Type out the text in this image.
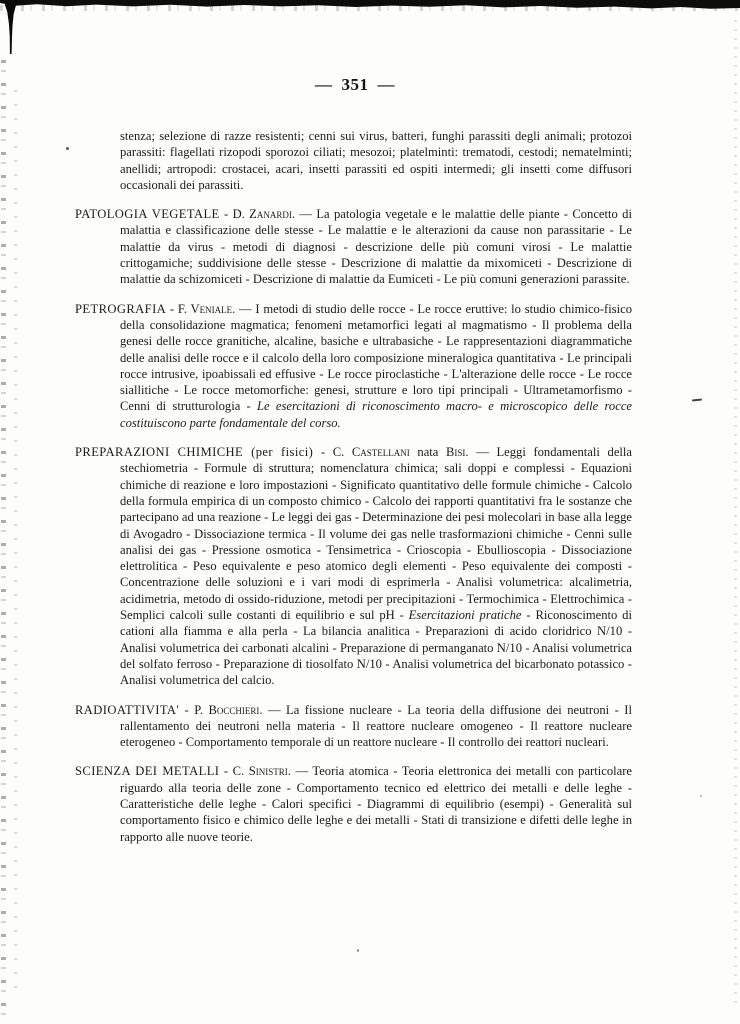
— 351 —

stenza; selezione di razze resistenti; cenni sui virus, batteri, funghi parassiti degli animali; protozoi parassiti: flagellati rizopodi sporozoi ciliati; mesozoi; platelminti: trematodi, cestodi; nematelminti; anellidi; artropodi: crostacei, acari, insetti parassiti ed ospiti intermedi; gli insetti come diffusori occasionali dei parassiti.

PATOLOGIA VEGETALE - D. Zanardi. — La patologia vegetale e le malattie delle piante - Concetto di malattia e classificazione delle stesse - Le malattie e le alterazioni da cause non parassitarie - Le malattie da virus - metodi di diagnosi - descrizione delle più comuni virosi - Le malattie crittogamiche; suddivisione delle stesse - Descrizione di malattie da mixomiceti - Descrizione di malattie da schizomiceti - Descrizione di malattie da Eumiceti - Le più comuni generazioni parassite.

PETROGRAFIA - F. Veniale. — I metodi di studio delle rocce - Le rocce eruttive: lo studio chimico-fisico della consolidazione magmatica; fenomeni metamorfici legati al magmatismo - Il problema della genesi delle rocce granitiche, alcaline, basiche e ultrabasiche - Le rappresentazioni diagrammatiche delle analisi delle rocce e il calcolo della loro composizione mineralogica quantitativa - Le principali rocce intrusive, ipoabissali ed effusive - Le rocce piroclastiche - L'alterazione delle rocce - Le rocce siallitiche - Le rocce metomorfiche: genesi, strutture e loro tipi principali - Ultrametamorfismo - Cenni di strutturologia - Le esercitazioni di riconoscimento macro- e microscopico delle rocce costituiscono parte fondamentale del corso.

PREPARAZIONI CHIMICHE (per fisici) - C. Castellani nata Bisi. — Leggi fondamentali della stechiometria - Formule di struttura; nomenclatura chimica; sali doppi e complessi - Equazioni chimiche di reazione e loro impostazioni - Significato quantitativo delle formule chimiche - Calcolo della formula empirica di un composto chimico - Calcolo dei rapporti quantitativi fra le sostanze che partecipano ad una reazione - Le leggi dei gas - Determinazione dei pesi molecolari in base alla legge di Avogadro - Dissociazione termica - Il volume dei gas nelle trasformazioni chimiche - Cenni sulle analisi dei gas - Pressione osmotica - Tensimetrica - Crioscopia - Ebullioscopia - Dissociazione elettrolitica - Peso equivalente e peso atomico degli elementi - Peso equivalente dei composti - Concentrazione delle soluzioni e i vari modi di esprimerla - Analisi volumetrica: alcalimetria, acidimetria, metodo di ossido-riduzione, metodi per precipitazioni - Termochimica - Elettrochimica - Semplici calcoli sulle costanti di equilibrio e sul pH - Esercitazioni pratiche - Riconoscimento di cationi alla fiamma e alla perla - La bilancia analitica - Preparazioni di acido cloridrico N/10 - Analisi volumetrica dei carbonati alcalini - Preparazione di permanganato N/10 - Analisi volumetrica del solfato ferroso - Preparazione di tiosolfato N/10 - Analisi volumetrica del bicarbonato potassico - Analisi volumetrica del calcio.

RADIOATTIVITA' - P. Bocchieri. — La fissione nucleare - La teoria della diffusione dei neutroni - Il rallentamento dei neutroni nella materia - Il reattore nucleare omogeneo - Il reattore nucleare eterogeneo - Comportamento temporale di un reattore nucleare - Il controllo dei reattori nucleari.

SCIENZA DEI METALLI - C. Sinistri. — Teoria atomica - Teoria elettronica dei metalli con particolare riguardo alla teoria delle zone - Comportamento tecnico ed elettrico dei metalli e delle leghe - Caratteristiche delle leghe - Calori specifici - Diagrammi di equilibrio (esempi) - Generalità sul comportamento fisico e chimico delle leghe e dei metalli - Stati di transizione e difetti delle leghe in rapporto alle nuove teorie.
